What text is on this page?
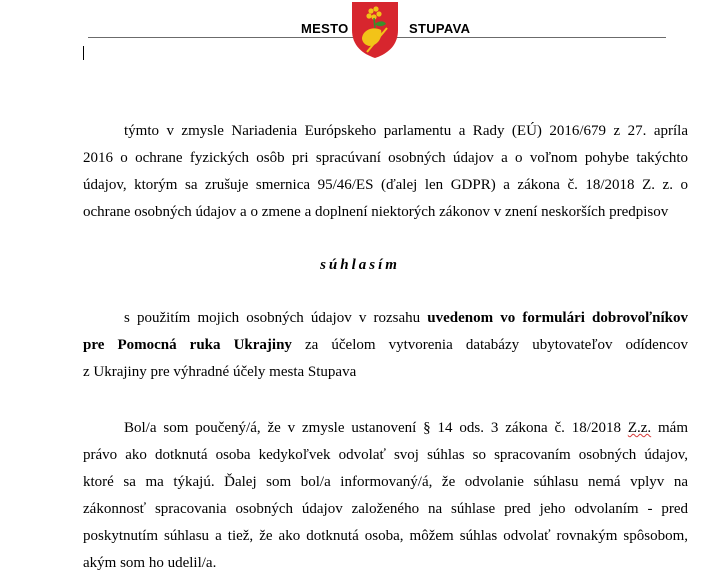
MESTO	STUPAVA
týmto v zmysle Nariadenia Európskeho parlamentu a Rady (EÚ) 2016/679 z 27. apríla
2016 o ochrane fyzických osôb pri spracúvaní osobných údajov a o voľnom pohybe takýchto
údajov, ktorým sa zrušuje smernica 95/46/ES (ďalej len GDPR) a zákona č. 18/2018 Z. z. o
ochrane osobných údajov a o zmene a doplnení niektorých zákonov v znení neskorších predpisov
súhlasím
s použitím mojich osobných údajov v rozsahu uvedenom vo formulári dobrovoľníkov
pre Pomocná ruka Ukrajiny za účelom vytvorenia databázy ubytovateľov odídencov
z Ukrajiny pre výhradné účely mesta Stupava
Bol/a som poučený/á, že v zmysle ustanovení § 14 ods. 3 zákona č. 18/2018 Z.z. mám
právo ako dotknutá osoba kedykoľvek odvolať svoj súhlas so spracovaním osobných údajov,
ktoré sa ma týkajú. Ďalej som bol/a informovaný/á, že odvolanie súhlasu nemá vplyv na
zákonnosť spracovania osobných údajov založeného na súhlase pred jeho odvolaním - pred
poskytnutím súhlasu a tiež, že ako dotknutá osoba, môžem súhlas odvolať rovnakým spôsobom,
akým som ho udelil/a.
